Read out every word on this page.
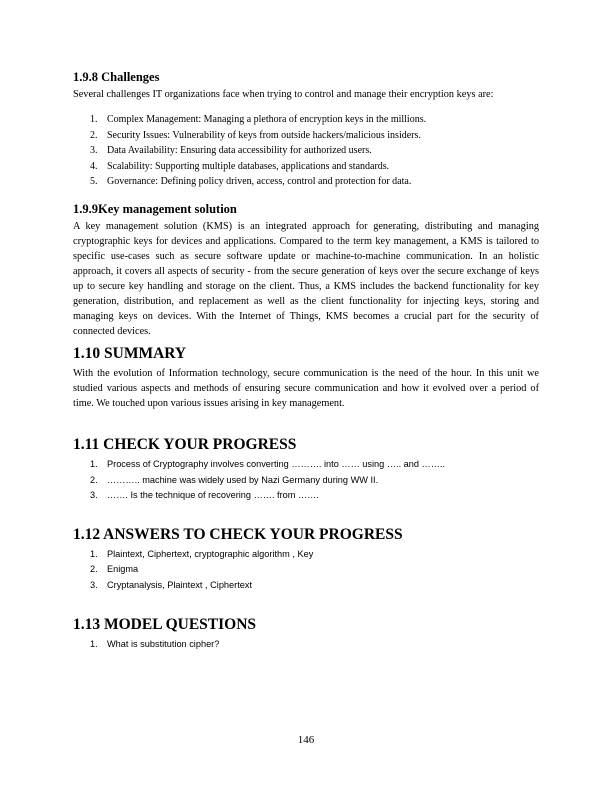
1.9.8 Challenges

Several challenges IT organizations face when trying to control and manage their encryption keys are:

1. Complex Management: Managing a plethora of encryption keys in the millions.
2. Security Issues: Vulnerability of keys from outside hackers/malicious insiders.
3. Data Availability: Ensuring data accessibility for authorized users.
4. Scalability: Supporting multiple databases, applications and standards.
5. Governance: Defining policy driven, access, control and protection for data.
1.9.9Key management solution

A key management solution (KMS) is an integrated approach for generating, distributing and managing cryptographic keys for devices and applications. Compared to the term key management, a KMS is tailored to specific use-cases such as secure software update or machine-to-machine communication. In an holistic approach, it covers all aspects of security - from the secure generation of keys over the secure exchange of keys up to secure key handling and storage on the client. Thus, a KMS includes the backend functionality for key generation, distribution, and replacement as well as the client functionality for injecting keys, storing and managing keys on devices. With the Internet of Things, KMS becomes a crucial part for the security of connected devices.

1.10 SUMMARY

With the evolution of Information technology, secure communication is the need of the hour. In this unit we studied various aspects and methods of ensuring secure communication and how it evolved over a period of time. We touched upon various issues arising in key management.

1.11 CHECK YOUR PROGRESS
1. Process of Cryptography involves converting ………. into …… using ….. and ……..
2. ……….. machine was widely used by Nazi Germany during WW II.
3. ……. Is the technique of recovering ……. from …….
1.12 ANSWERS TO CHECK YOUR PROGRESS
1. Plaintext, Ciphertext, cryptographic algorithm , Key
2. Enigma
3. Cryptanalysis, Plaintext , Ciphertext
1.13 MODEL QUESTIONS
1. What is substitution cipher?
146
